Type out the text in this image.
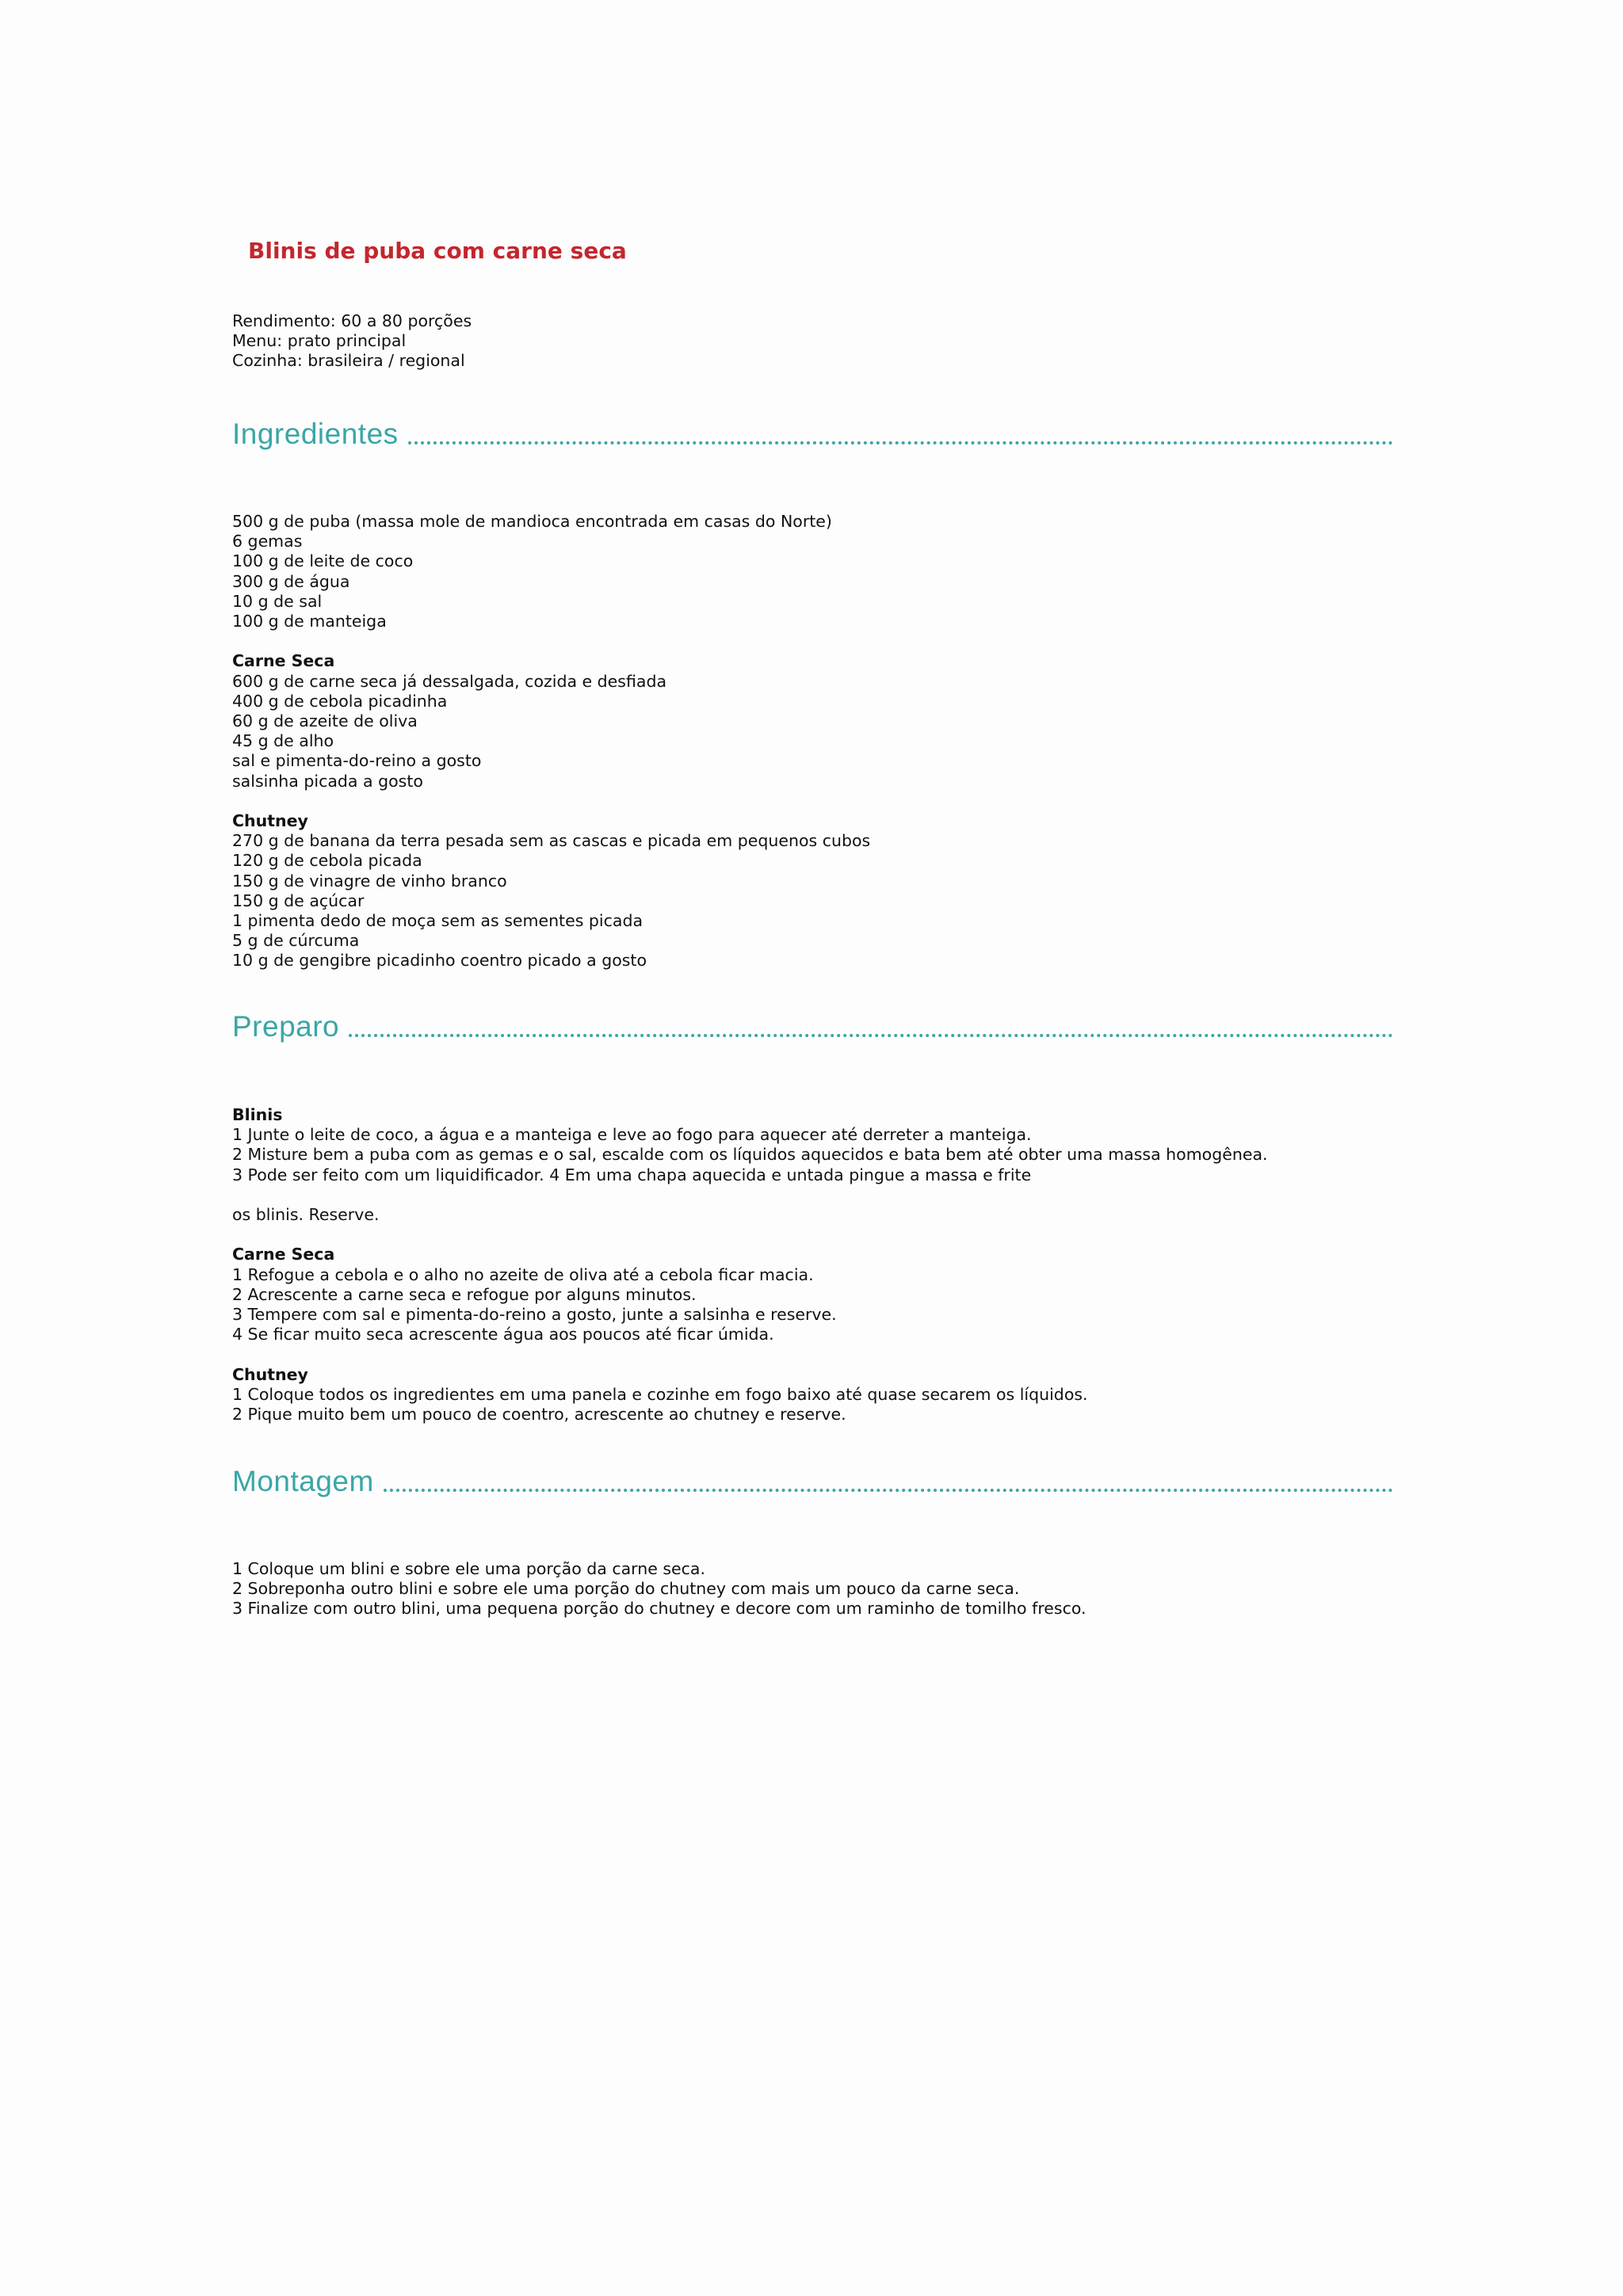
Blinis de puba com carne seca
Rendimento: 60 a 80 porções
Menu: prato principal
Cozinha: brasileira / regional
Ingredientes
500 g de puba (massa mole de mandioca encontrada em casas do Norte)
6 gemas
100 g de leite de coco
300 g de água
10 g de sal
100 g de manteiga
Carne Seca
600 g de carne seca já dessalgada, cozida e desfiada
400 g de cebola picadinha
60 g de azeite de oliva
45 g de alho
sal e pimenta-do-reino a gosto
salsinha picada a gosto
Chutney
270 g de banana da terra pesada sem as cascas e picada em pequenos cubos
120 g de cebola picada
150 g de vinagre de vinho branco
150 g de açúcar
1 pimenta dedo de moça sem as sementes picada
5 g de cúrcuma
10 g de gengibre picadinho coentro picado a gosto
Preparo
Blinis
1 Junte o leite de coco, a água e a manteiga e leve ao fogo para aquecer até derreter a manteiga.
2 Misture bem a puba com as gemas e o sal, escalde com os líquidos aquecidos e bata bem até obter uma massa homogênea.
3 Pode ser feito com um liquidificador. 4 Em uma chapa aquecida e untada pingue a massa e frite
os blinis. Reserve.
Carne Seca
1 Refogue a cebola e o alho no azeite de oliva até a cebola ficar macia.
2 Acrescente a carne seca e refogue por alguns minutos.
3 Tempere com sal e pimenta-do-reino a gosto, junte a salsinha e reserve.
4 Se ficar muito seca acrescente água aos poucos até ficar úmida.
Chutney
1 Coloque todos os ingredientes em uma panela e cozinhe em fogo baixo até quase secarem os líquidos.
2 Pique muito bem um pouco de coentro, acrescente ao chutney e reserve.
Montagem
1 Coloque um blini e sobre ele uma porção da carne seca.
2 Sobreponha outro blini e sobre ele uma porção do chutney com mais um pouco da carne seca.
3 Finalize com outro blini, uma pequena porção do chutney e decore com um raminho de tomilho fresco.
